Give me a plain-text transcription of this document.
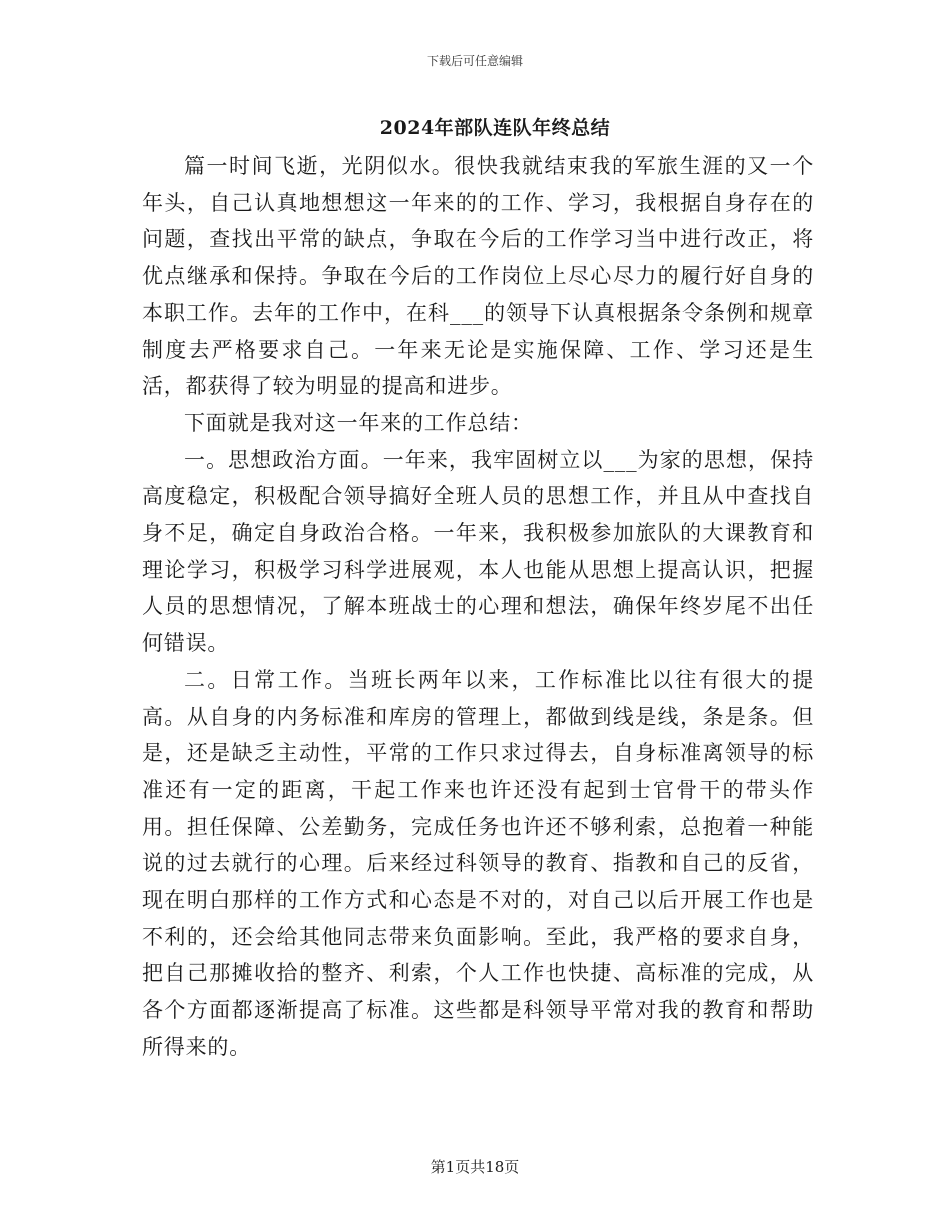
下载后可任意编辑
2024年部队连队年终总结

篇一时间飞逝，光阴似水。很快我就结束我的军旅生涯的又一个年头，自己认真地想想这一年来的的工作、学习，我根据自身存在的问题，查找出平常的缺点，争取在今后的工作学习当中进行改正，将优点继承和保持。争取在今后的工作岗位上尽心尽力的履行好自身的本职工作。去年的工作中，在科___的领导下认真根据条令条例和规章制度去严格要求自己。一年来无论是实施保障、工作、学习还是生活，都获得了较为明显的提高和进步。

下面就是我对这一年来的工作总结：

一。思想政治方面。一年来，我牢固树立以___为家的思想，保持高度稳定，积极配合领导搞好全班人员的思想工作，并且从中查找自身不足，确定自身政治合格。一年来，我积极参加旅队的大课教育和理论学习，积极学习科学进展观，本人也能从思想上提高认识，把握人员的思想情况，了解本班战士的心理和想法，确保年终岁尾不出任何错误。

二。日常工作。当班长两年以来，工作标准比以往有很大的提高。从自身的内务标准和库房的管理上，都做到线是线，条是条。但是，还是缺乏主动性，平常的工作只求过得去，自身标准离领导的标准还有一定的距离，干起工作来也许还没有起到士官骨干的带头作用。担任保障、公差勤务，完成任务也许还不够利索，总抱着一种能说的过去就行的心理。后来经过科领导的教育、指教和自己的反省，现在明白那样的工作方式和心态是不对的，对自己以后开展工作也是不利的，还会给其他同志带来负面影响。至此，我严格的要求自身，把自己那摊收拾的整齐、利索，个人工作也快捷、高标准的完成，从各个方面都逐渐提高了标准。这些都是科领导平常对我的教育和帮助所得来的。

第1页共18页
